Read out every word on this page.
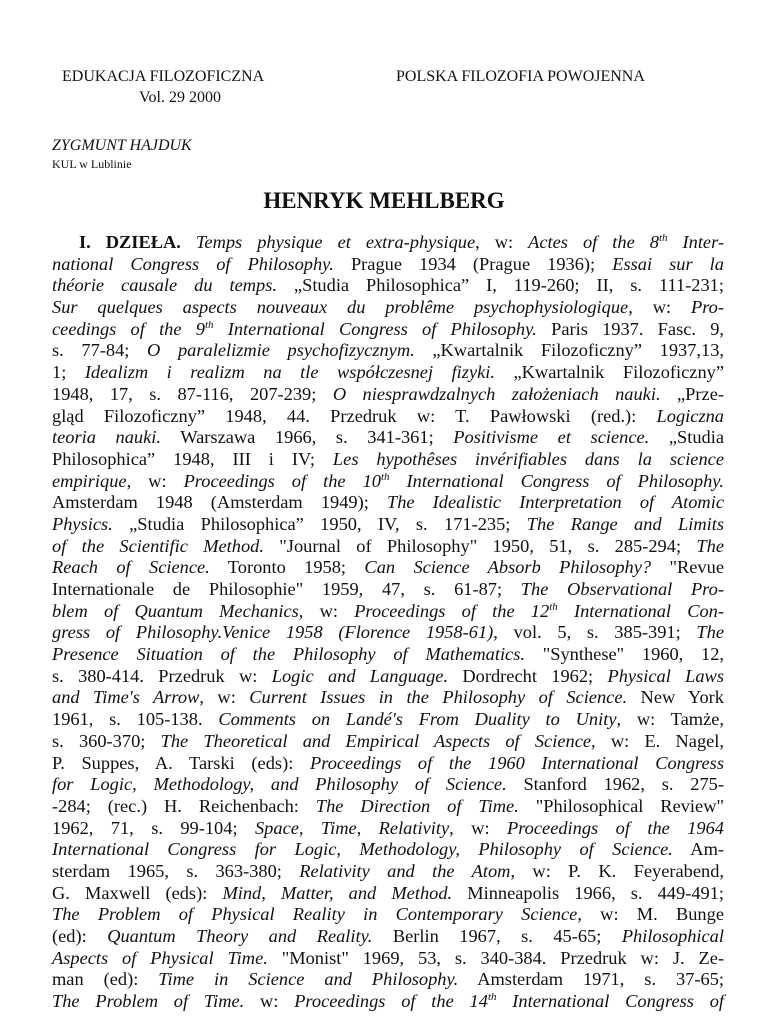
EDUKACJA FILOZOFICZNA
Vol. 29 2000
POLSKA FILOZOFIA POWOJENNA
ZYGMUNT HAJDUK
KUL w Lublinie
HENRYK MEHLBERG
I. DZIEŁA. Temps physique et extra-physique, w: Actes of the 8th Inter-
national Congress of Philosophy. Prague 1934 (Prague 1936); Essai sur la
théorie causale du temps. „Studia Philosophica” I, 119-260; II, s. 111-231;
Sur quelques aspects nouveaux du problême psychophysiologique, w: Pro-
ceedings of the 9th International Congress of Philosophy. Paris 1937. Fasc. 9,
s. 77-84; O paralelizmie psychofizycznym. „Kwartalnik Filozoficzny” 1937,13,
1; Idealizm i realizm na tle współczesnej fizyki. „Kwartalnik Filozoficzny”
1948, 17, s. 87-116, 207-239; O niesprawdzalnych założeniach nauki. „Prze-
gląd Filozoficzny” 1948, 44. Przedruk w: T. Pawłowski (red.): Logiczna
teoria nauki. Warszawa 1966, s. 341-361; Positivisme et science. „Studia
Philosophica” 1948, III i IV; Les hypothêses invérifiables dans la science
empirique, w: Proceedings of the 10th International Congress of Philosophy.
Amsterdam 1948 (Amsterdam 1949); The Idealistic Interpretation of Atomic
Physics. „Studia Philosophica” 1950, IV, s. 171-235; The Range and Limits
of the Scientific Method. "Journal of Philosophy" 1950, 51, s. 285-294; The
Reach of Science. Toronto 1958; Can Science Absorb Philosophy? "Revue
Internationale de Philosophie" 1959, 47, s. 61-87; The Observational Pro-
blem of Quantum Mechanics, w: Proceedings of the 12th International Con-
gress of Philosophy.Venice 1958 (Florence 1958-61), vol. 5, s. 385-391; The
Presence Situation of the Philosophy of Mathematics. "Synthese" 1960, 12,
s. 380-414. Przedruk w: Logic and Language. Dordrecht 1962; Physical Laws
and Time's Arrow, w: Current Issues in the Philosophy of Science. New York
1961, s. 105-138. Comments on Landé's From Duality to Unity, w: Tamże,
s. 360-370; The Theoretical and Empirical Aspects of Science, w: E. Nagel,
P. Suppes, A. Tarski (eds): Proceedings of the 1960 International Congress
for Logic, Methodology, and Philosophy of Science. Stanford 1962, s. 275-
-284; (rec.) H. Reichenbach: The Direction of Time. "Philosophical Review"
1962, 71, s. 99-104; Space, Time, Relativity, w: Proceedings of the 1964
International Congress for Logic, Methodology, Philosophy of Science. Am-
sterdam 1965, s. 363-380; Relativity and the Atom, w: P. K. Feyerabend,
G. Maxwell (eds): Mind, Matter, and Method. Minneapolis 1966, s. 449-491;
The Problem of Physical Reality in Contemporary Science, w: M. Bunge
(ed): Quantum Theory and Reality. Berlin 1967, s. 45-65; Philosophical
Aspects of Physical Time. "Monist" 1969, 53, s. 340-384. Przedruk w: J. Ze-
man (ed): Time in Science and Philosophy. Amsterdam 1971, s. 37-65;
The Problem of Time. w: Proceedings of the 14th International Congress of
